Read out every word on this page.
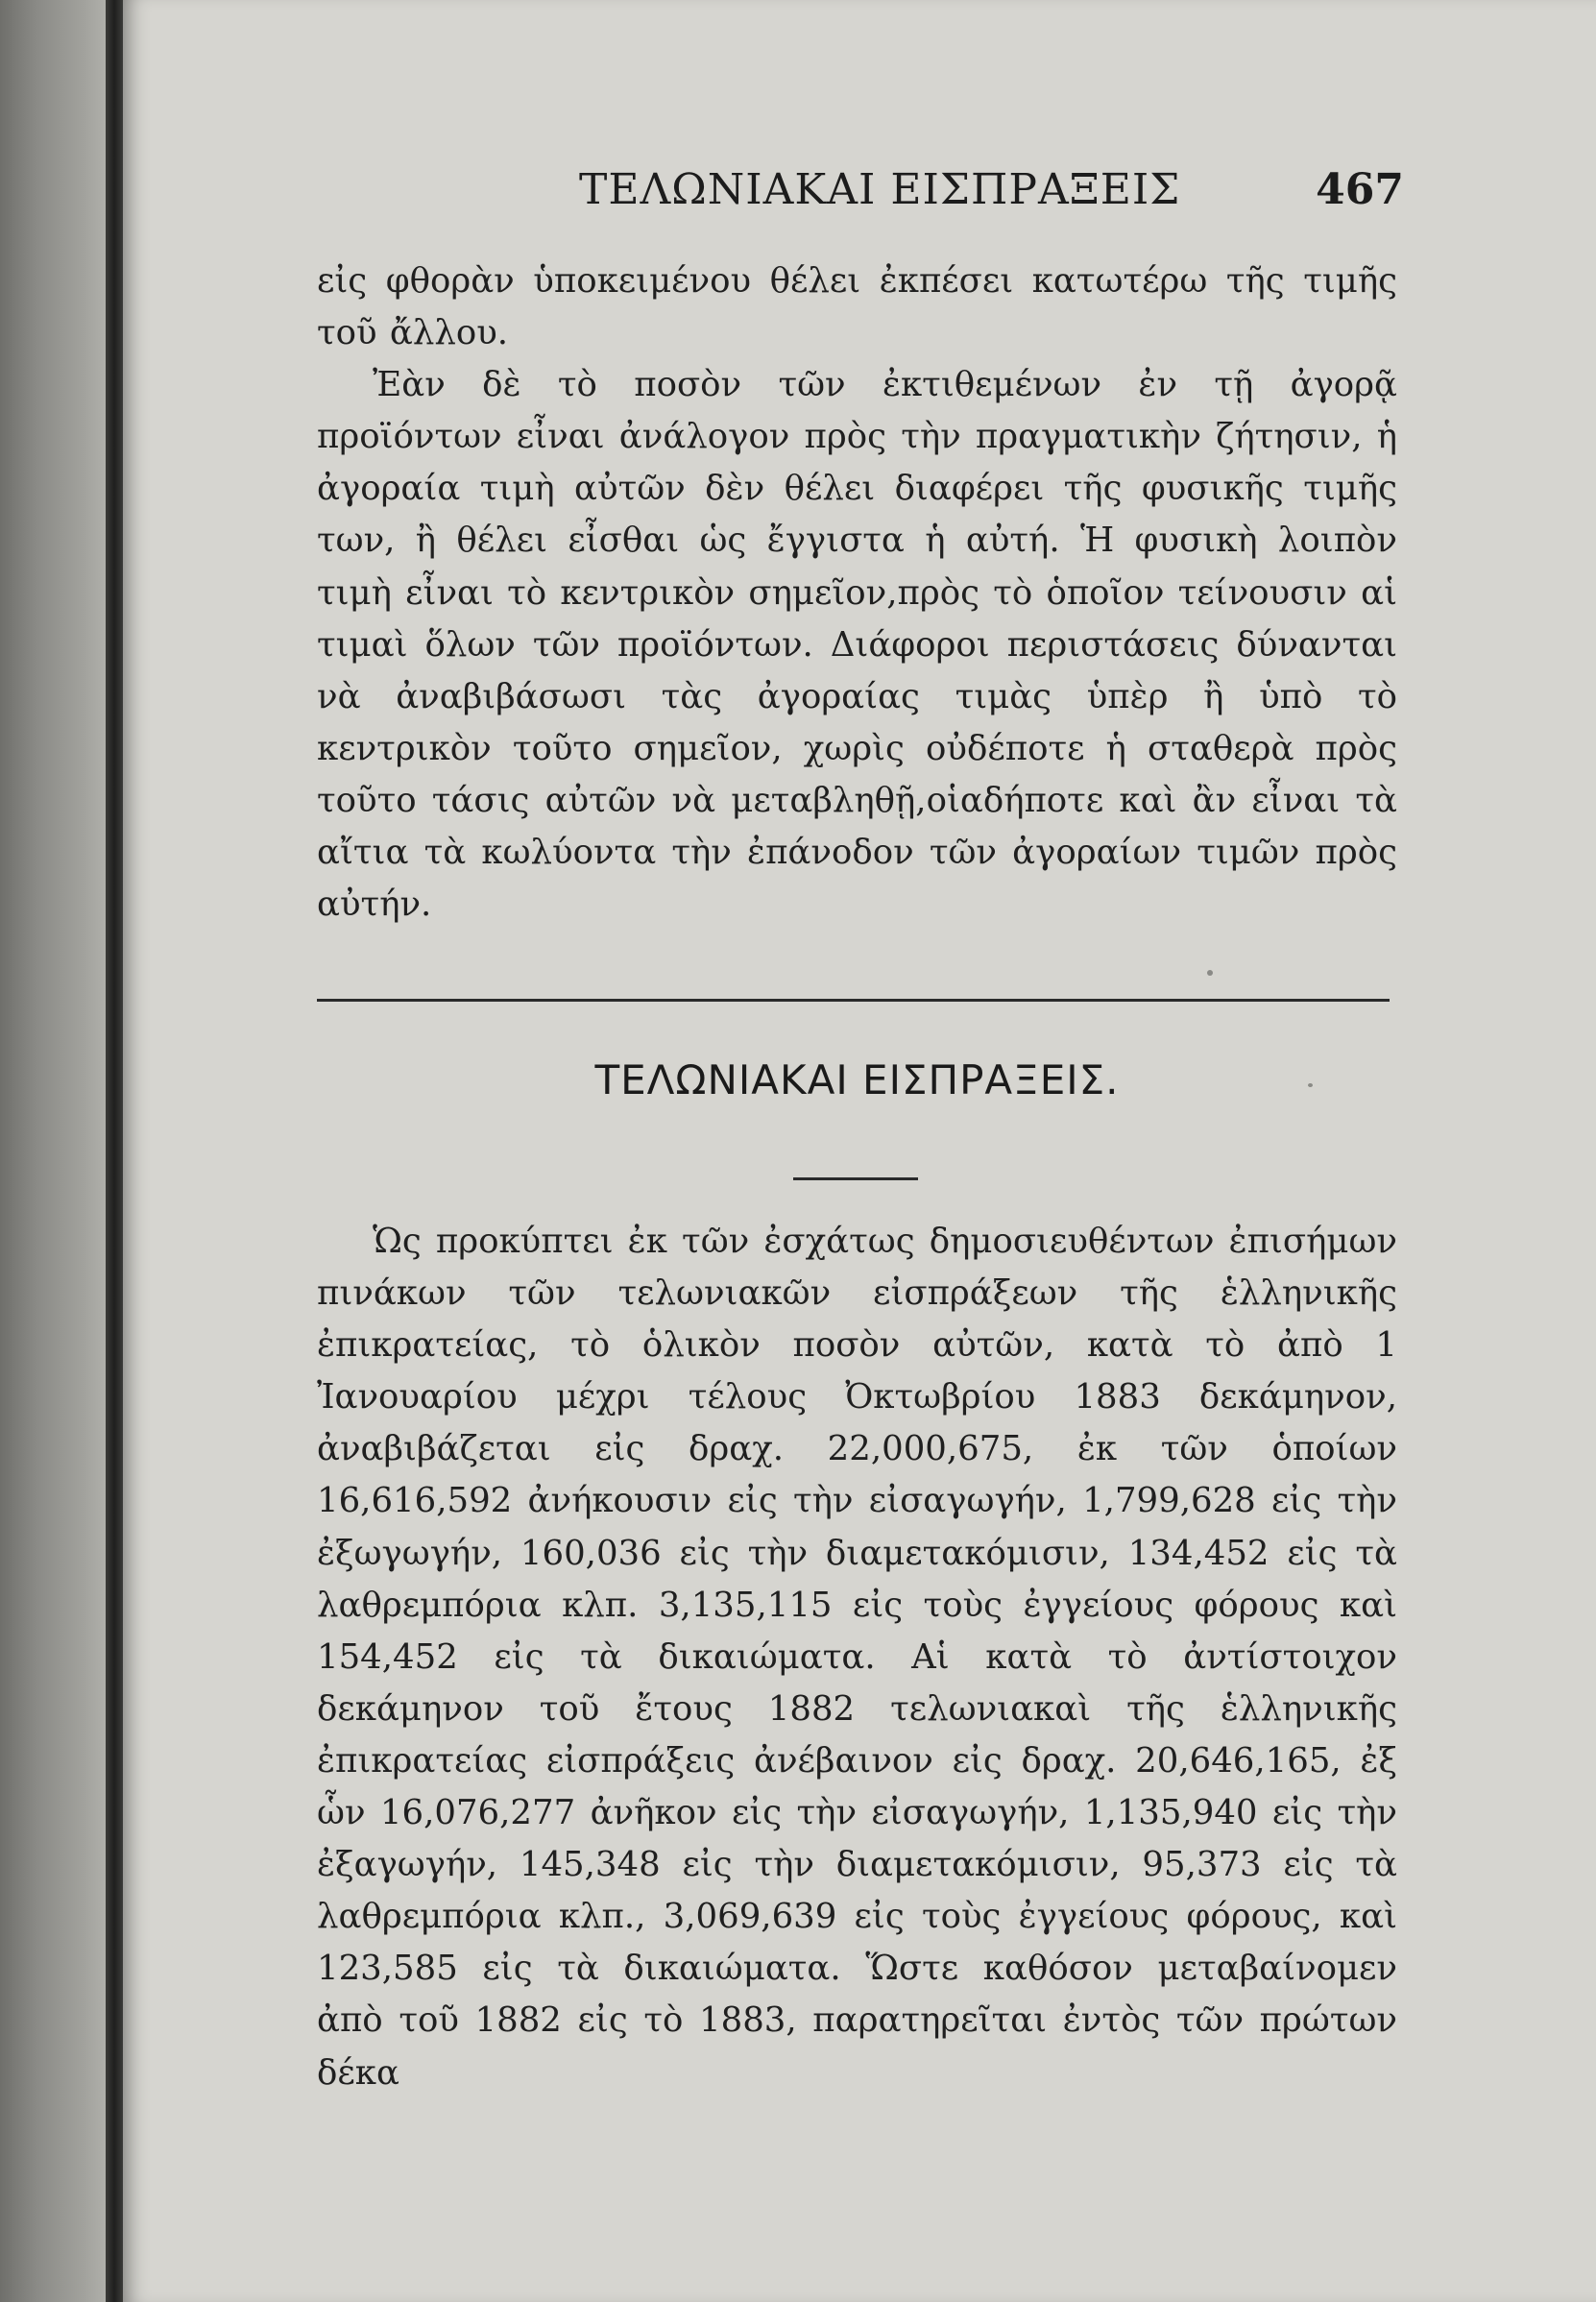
ΤΕΛΩΝΙΑΚΑΙ ΕΙΣΠΡΑΞΕΙΣ	467

εἰς φθορὰν ὑποκειμένου θέλει ἐκπέσει κατωτέρω τῆς τιμῆς τοῦ ἄλλου.

Ἐὰν δὲ τὸ ποσὸν τῶν ἐκτιθεμένων ἐν τῇ ἀγορᾷ προϊόντων εἶναι ἀνάλογον πρὸς τὴν πραγματικὴν ζήτησιν, ἡ ἀγοραία τιμὴ αὐτῶν δὲν θέλει διαφέρει τῆς φυσικῆς τιμῆς των, ἢ θέλει εἶσθαι ὡς ἔγγιστα ἡ αὐτή. Ἡ φυσικὴ λοιπὸν τιμὴ εἶναι τὸ κεντρικὸν σημεῖον,πρὸς τὸ ὁποῖον τείνουσιν αἱ τιμαὶ ὅλων τῶν προϊόντων. Διάφοροι περιστάσεις δύνανται νὰ ἀναβιβάσωσι τὰς ἀγοραίας τιμὰς ὑπὲρ ἢ ὑπὸ τὸ κεντρικὸν τοῦτο σημεῖον, χωρὶς οὐδέποτε ἡ σταθερὰ πρὸς τοῦτο τάσις αὐτῶν νὰ μεταβληθῇ,οἱαδήποτε καὶ ἂν εἶναι τὰ αἴτια τὰ κωλύοντα τὴν ἐπάνοδον τῶν ἀγοραίων τιμῶν πρὸς αὐτήν.

ΤΕΛΩΝΙΑΚΑΙ ΕΙΣΠΡΑΞΕΙΣ.

Ὡς προκύπτει ἐκ τῶν ἐσχάτως δημοσιευθέντων ἐπισήμων πινάκων τῶν τελωνιακῶν εἰσπράξεων τῆς ἑλληνικῆς ἐπικρατείας, τὸ ὁλικὸν ποσὸν αὐτῶν, κατὰ τὸ ἀπὸ 1 Ἰανουαρίου μέχρι τέλους Ὀκτωβρίου 1883 δεκάμηνον, ἀναβιβάζεται εἰς δραχ. 22,000,675, ἐκ τῶν ὁποίων 16,616,592 ἀνήκουσιν εἰς τὴν εἰσαγωγήν, 1,799,628 εἰς τὴν ἐξωγωγήν, 160,036 εἰς τὴν διαμετακόμισιν, 134,452 εἰς τὰ λαθρεμπόρια κλπ. 3,135,115 εἰς τοὺς ἐγγείους φόρους καὶ 154,452 εἰς τὰ δικαιώματα. Αἱ κατὰ τὸ ἀντίστοιχον δεκάμηνον τοῦ ἔτους 1882 τελωνιακαὶ τῆς ἑλληνικῆς ἐπικρατείας εἰσπράξεις ἀνέβαινον εἰς δραχ. 20,646,165, ἐξ ὧν 16,076,277 ἀνῆκον εἰς τὴν εἰσαγωγήν, 1,135,940 εἰς τὴν ἐξαγωγήν, 145,348 εἰς τὴν διαμετακόμισιν, 95,373 εἰς τὰ λαθρεμπόρια κλπ., 3,069,639 εἰς τοὺς ἐγγείους φόρους, καὶ 123,585 εἰς τὰ δικαιώματα. Ὥστε καθόσον μεταβαίνομεν ἀπὸ τοῦ 1882 εἰς τὸ 1883, παρατηρεῖται ἐντὸς τῶν πρώτων δέκα
